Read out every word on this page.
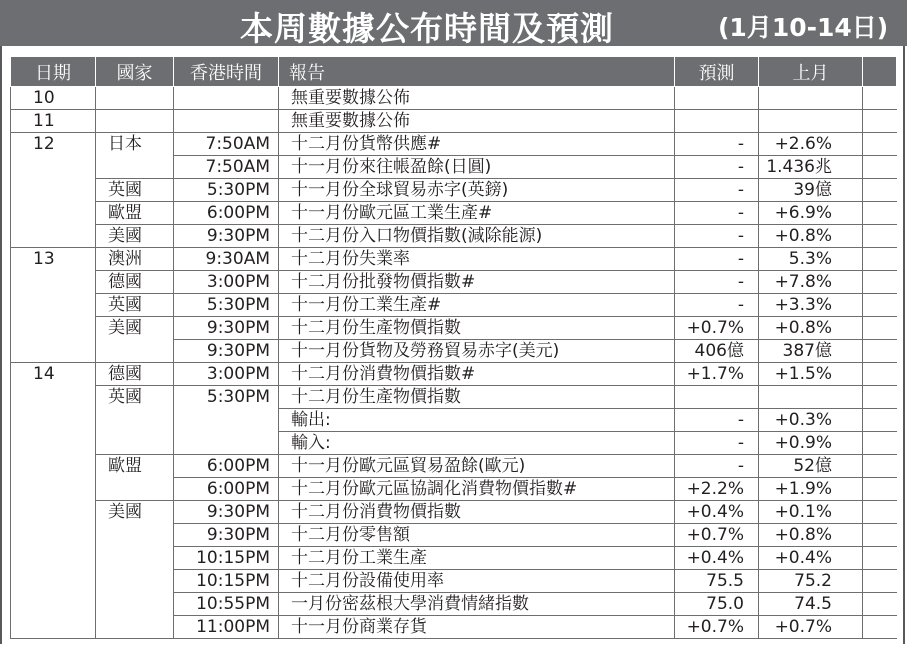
本周數據公布時間及預測	(1月10-14日)
日期	國家	香港時間	報告	預測	上月	
10			無重要數據公佈			
11			無重要數據公佈			
12	日本	7:50AM	十二月份貨幣供應#	-	+2.6%	
		7:50AM	十一月份來往帳盈餘(日圓)	-	1.436兆	
	英國	5:30PM	十一月份全球貿易赤字(英鎊)	-	39億	
	歐盟	6:00PM	十一月份歐元區工業生產#	-	+6.9%	
	美國	9:30PM	十二月份入口物價指數(減除能源)	-	+0.8%	
13	澳洲	9:30AM	十二月份失業率	-	5.3%	
	德國	3:00PM	十二月份批發物價指數#	-	+7.8%	
	英國	5:30PM	十一月份工業生產#	-	+3.3%	
	美國	9:30PM	十二月份生產物價指數	+0.7%	+0.8%	
		9:30PM	十一月份貨物及勞務貿易赤字(美元)	406億	387億	
14	德國	3:00PM	十二月份消費物價指數#	+1.7%	+1.5%	
	英國	5:30PM	十二月份生產物價指數			
			輸出:	-	+0.3%	
			輸入:	-	+0.9%	
	歐盟	6:00PM	十一月份歐元區貿易盈餘(歐元)	-	52億	
		6:00PM	十二月份歐元區協調化消費物價指數#	+2.2%	+1.9%	
	美國	9:30PM	十二月份消費物價指數	+0.4%	+0.1%	
		9:30PM	十二月份零售額	+0.7%	+0.8%	
		10:15PM	十二月份工業生產	+0.4%	+0.4%	
		10:15PM	十二月份設備使用率	75.5	75.2	
		10:55PM	一月份密茲根大學消費情緒指數	75.0	74.5	
		11:00PM	十一月份商業存貨	+0.7%	+0.7%	
